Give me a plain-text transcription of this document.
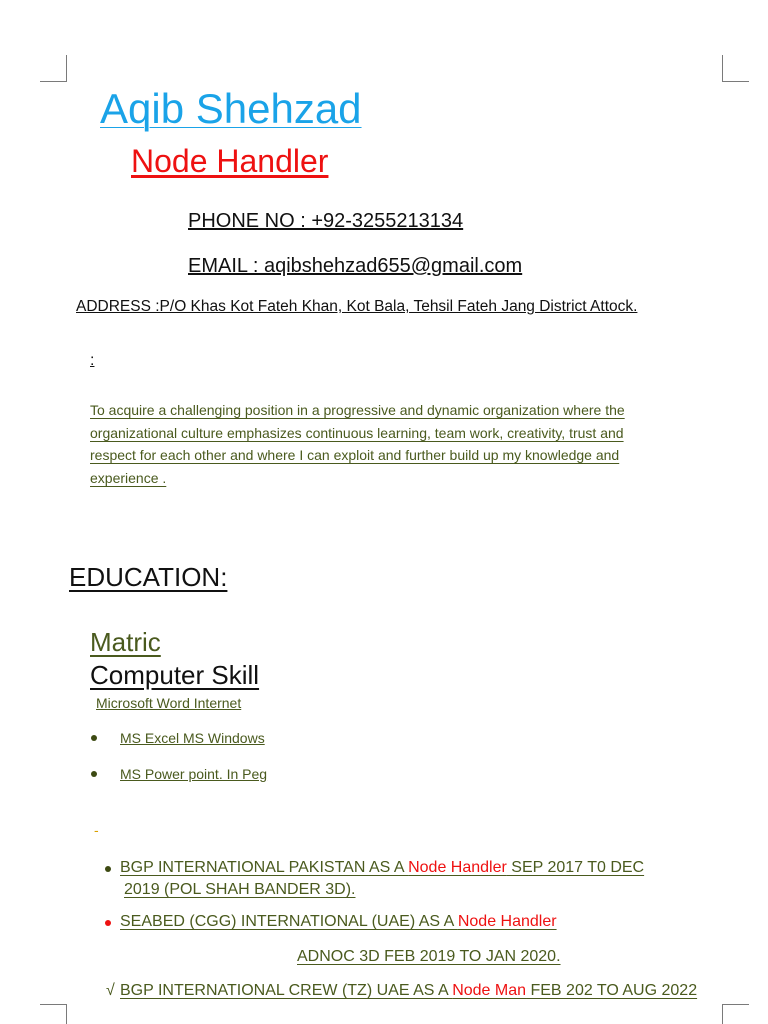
Aqib Shehzad
Node Handler
PHONE NO : +92-3255213134
EMAIL : aqibshehzad655@gmail.com
ADDRESS :P/O Khas Kot Fateh Khan, Kot Bala, Tehsil Fateh Jang District Attock.
:
To acquire a challenging position in a progressive and dynamic organization where the
organizational culture emphasizes continuous learning, team work, creativity, trust and
respect for each other and where I can exploit and further build up my knowledge and
experience .
EDUCATION:
Matric
Computer Skill
Microsoft Word Internet
MS Excel MS Windows
MS Power point. In Peg
-
BGP INTERNATIONAL PAKISTAN AS A Node Handler SEP 2017 T0 DEC
2019 (POL SHAH BANDER 3D).
SEABED (CGG) INTERNATIONAL (UAE) AS A Node Handler
ADNOC 3D FEB 2019 TO JAN 2020.
√ BGP INTERNATIONAL CREW (TZ) UAE AS A Node Man FEB 202 TO AUG 2022
